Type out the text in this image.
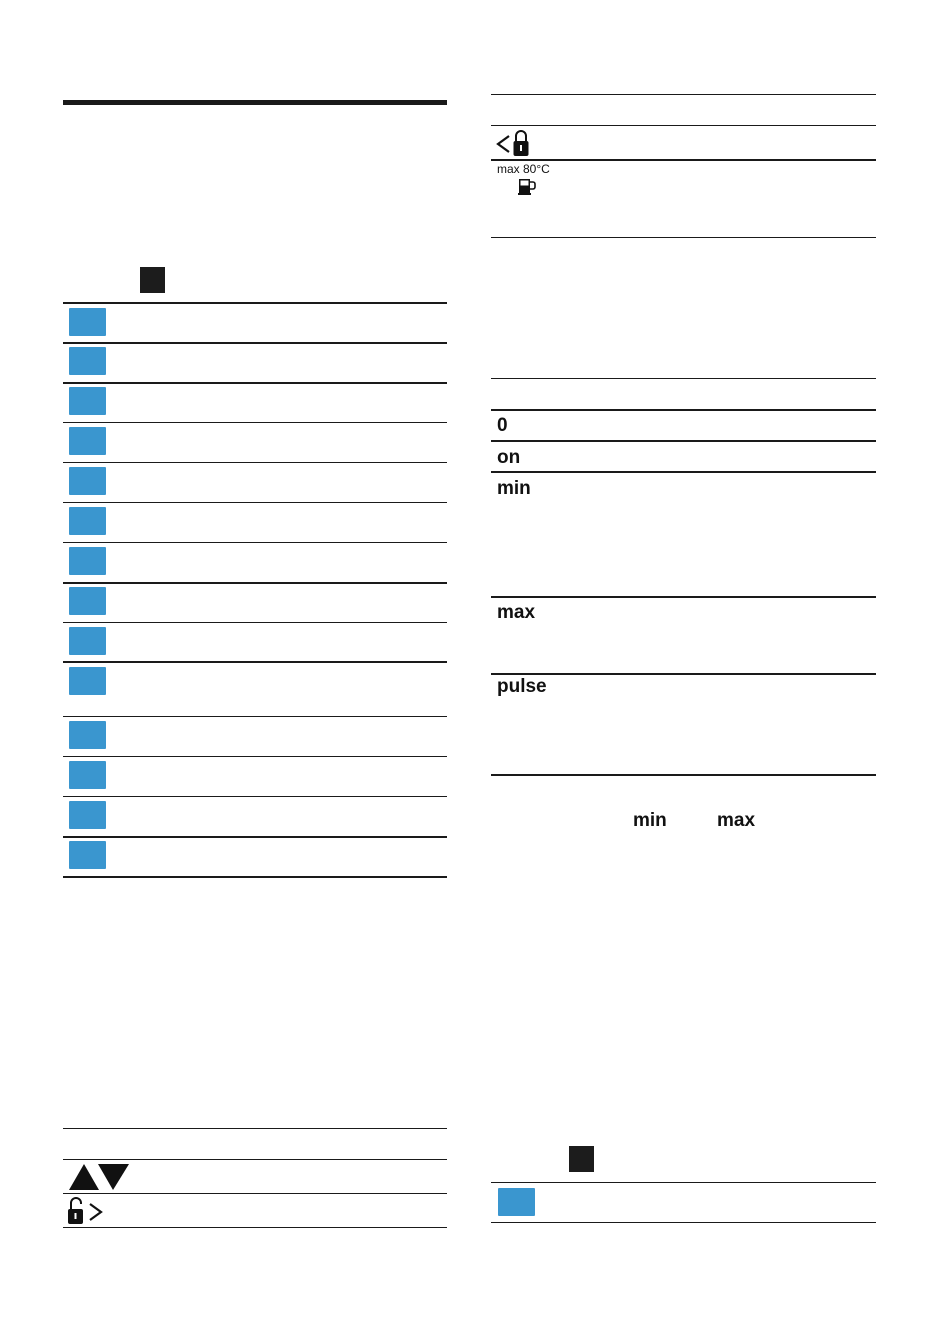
max 80°C
0
on
min
max
pulse
min	max
